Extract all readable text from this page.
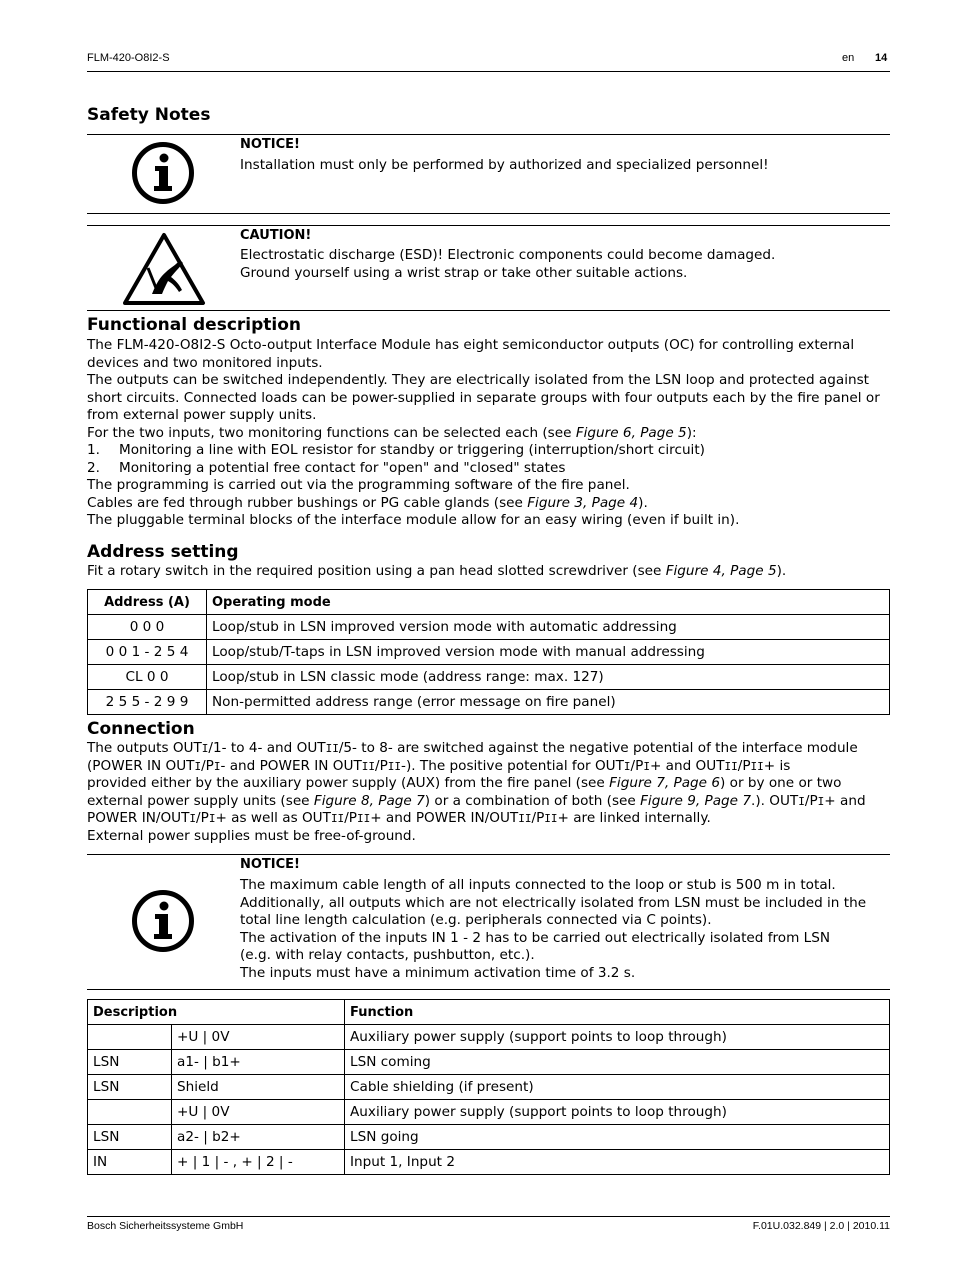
FLM-420-O8I2-S	en 14
Safety Notes
NOTICE!
Installation must only be performed by authorized and specialized personnel!
CAUTION!
Electrostatic discharge (ESD)! Electronic components could become damaged.
Ground yourself using a wrist strap or take other suitable actions.
Functional description
The FLM-420-O8I2-S Octo-output Interface Module has eight semiconductor outputs (OC) for controlling external
devices and two monitored inputs.
The outputs can be switched independently. They are electrically isolated from the LSN loop and protected against
short circuits. Connected loads can be power-supplied in separate groups with four outputs each by the fire panel or
from external power supply units.
For the two inputs, two monitoring functions can be selected each (see Figure 6, Page 5):
1. Monitoring a line with EOL resistor for standby or triggering (interruption/short circuit)
2. Monitoring a potential free contact for "open" and "closed" states
The programming is carried out via the programming software of the fire panel.
Cables are fed through rubber bushings or PG cable glands (see Figure 3, Page 4).
The pluggable terminal blocks of the interface module allow for an easy wiring (even if built in).
Address setting
Fit a rotary switch in the required position using a pan head slotted screwdriver (see Figure 4, Page 5).
Address (A)	Operating mode
0 0 0	Loop/stub in LSN improved version mode with automatic addressing
0 0 1 - 2 5 4	Loop/stub/T-taps in LSN improved version mode with manual addressing
CL 0 0	Loop/stub in LSN classic mode (address range: max. 127)
2 5 5 - 2 9 9	Non-permitted address range (error message on fire panel)
Connection
The outputs OUTI/1- to 4- and OUTII/5- to 8- are switched against the negative potential of the interface module
(POWER IN OUTI/PI- and POWER IN OUTII/PII-). The positive potential for OUTI/PI+ and OUTII/PII+ is
provided either by the auxiliary power supply (AUX) from the fire panel (see Figure 7, Page 6) or by one or two
external power supply units (see Figure 8, Page 7) or a combination of both (see Figure 9, Page 7.). OUTI/PI+ and
POWER IN/OUTI/PI+ as well as OUTII/PII+ and POWER IN/OUTII/PII+ are linked internally.
External power supplies must be free-of-ground.
NOTICE!
The maximum cable length of all inputs connected to the loop or stub is 500 m in total.
Additionally, all outputs which are not electrically isolated from LSN must be included in the
total line length calculation (e.g. peripherals connected via C points).
The activation of the inputs IN 1 - 2 has to be carried out electrically isolated from LSN
(e.g. with relay contacts, pushbutton, etc.).
The inputs must have a minimum activation time of 3.2 s.
Description		Function
	+U | 0V	Auxiliary power supply (support points to loop through)
LSN	a1- | b1+	LSN coming
LSN	Shield	Cable shielding (if present)
	+U | 0V	Auxiliary power supply (support points to loop through)
LSN	a2- | b2+	LSN going
IN	+ | 1 | - , + | 2 | -	Input 1, Input 2
Bosch Sicherheitssysteme GmbH	F.01U.032.849 | 2.0 | 2010.11
